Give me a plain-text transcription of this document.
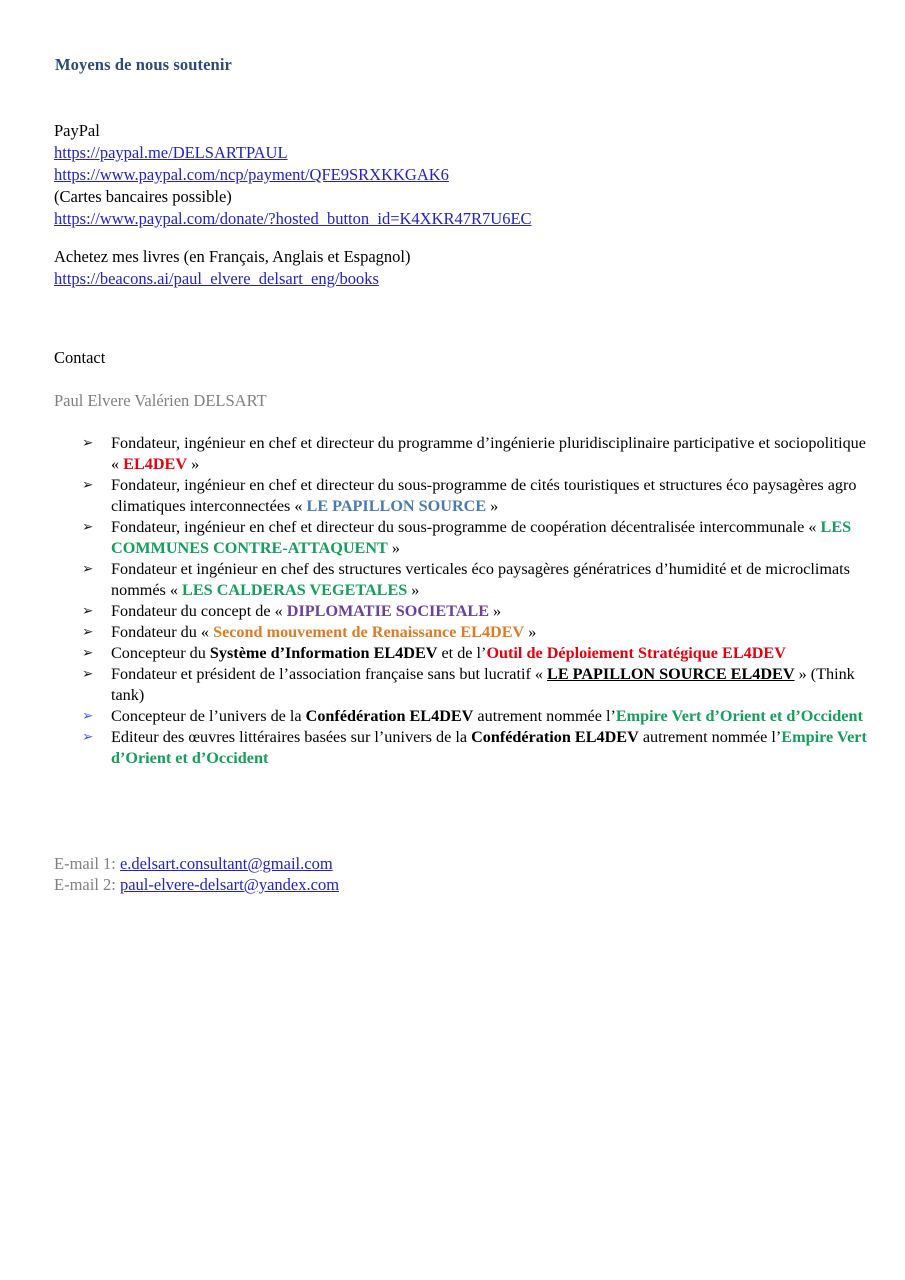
Moyens de nous soutenir
PayPal
https://paypal.me/DELSARTPAUL
https://www.paypal.com/ncp/payment/QFE9SRXKKGAK6
(Cartes bancaires possible)
https://www.paypal.com/donate/?hosted_button_id=K4XKR47R7U6EC
Achetez mes livres (en Français, Anglais et Espagnol)
https://beacons.ai/paul_elvere_delsart_eng/books
Contact
Paul Elvere Valérien DELSART
➢	Fondateur, ingénieur en chef et directeur du programme d’ingénierie pluridisciplinaire participative et sociopolitique « EL4DEV »
➢	Fondateur, ingénieur en chef et directeur du sous-programme de cités touristiques et structures éco paysagères agro climatiques interconnectées « LE PAPILLON SOURCE »
➢	Fondateur, ingénieur en chef et directeur du sous-programme de coopération décentralisée intercommunale « LES COMMUNES CONTRE-ATTAQUENT »
➢	Fondateur et ingénieur en chef des structures verticales éco paysagères génératrices d’humidité et de microclimats nommés « LES CALDERAS VEGETALES »
➢	Fondateur du concept de « DIPLOMATIE SOCIETALE »
➢	Fondateur du « Second mouvement de Renaissance EL4DEV »
➢	Concepteur du Système d’Information EL4DEV et de l’Outil de Déploiement Stratégique EL4DEV
➢	Fondateur et président de l’association française sans but lucratif « LE PAPILLON SOURCE EL4DEV » (Think tank)
➢	Concepteur de l’univers de la Confédération EL4DEV autrement nommée l’Empire Vert d’Orient et d’Occident
➢	Editeur des œuvres littéraires basées sur l’univers de la Confédération EL4DEV autrement nommée l’Empire Vert d’Orient et d’Occident
E-mail 1: e.delsart.consultant@gmail.com
E-mail 2: paul-elvere-delsart@yandex.com
